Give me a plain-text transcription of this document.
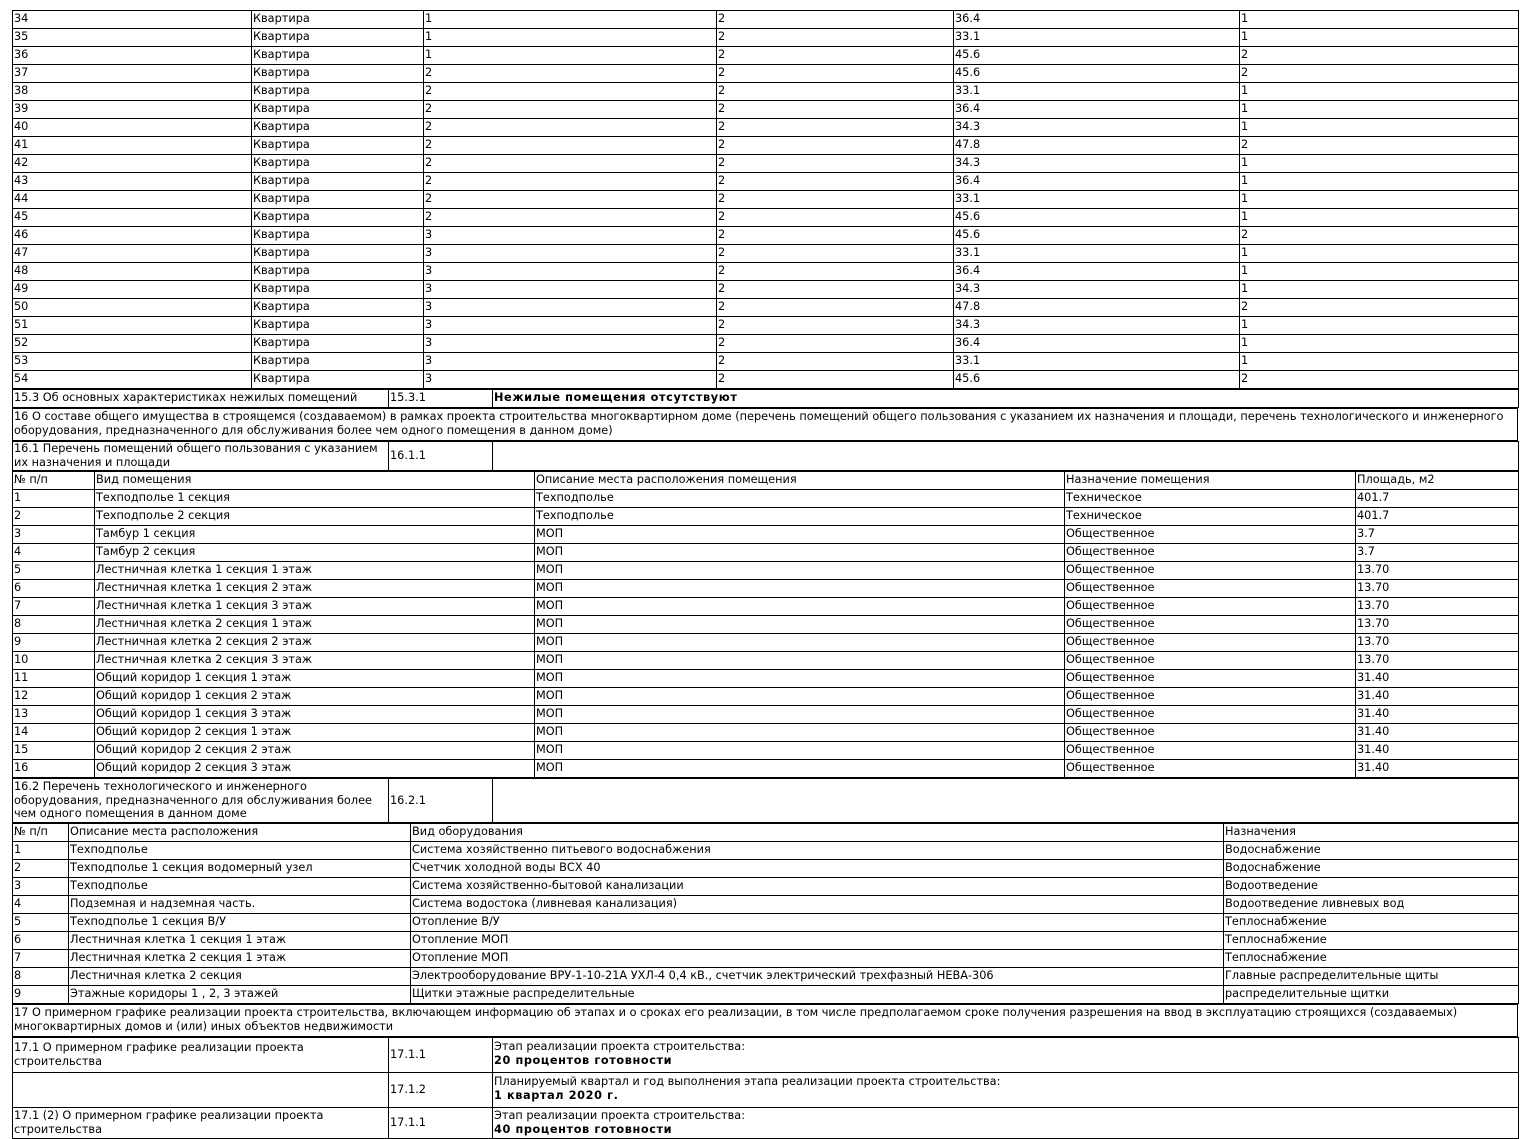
34	Квартира	1	2	36.4	1
35	Квартира	1	2	33.1	1
36	Квартира	1	2	45.6	2
37	Квартира	2	2	45.6	2
38	Квартира	2	2	33.1	1
39	Квартира	2	2	36.4	1
40	Квартира	2	2	34.3	1
41	Квартира	2	2	47.8	2
42	Квартира	2	2	34.3	1
43	Квартира	2	2	36.4	1
44	Квартира	2	2	33.1	1
45	Квартира	2	2	45.6	1
46	Квартира	3	2	45.6	2
47	Квартира	3	2	33.1	1
48	Квартира	3	2	36.4	1
49	Квартира	3	2	34.3	1
50	Квартира	3	2	47.8	2
51	Квартира	3	2	34.3	1
52	Квартира	3	2	36.4	1
53	Квартира	3	2	33.1	1
54	Квартира	3	2	45.6	2
15.3 Об основных характеристиках нежилых помещений	15.3.1	Нежилые помещения отсутствуют
16 О составе общего имущества в строящемся (создаваемом) в рамках проекта строительства многоквартирном доме (перечень помещений общего пользования с указанием их назначения и площади, перечень технологического и инженерного оборудования, предназначенного для обслуживания более чем одного помещения в данном доме)
16.1 Перечень помещений общего пользования с указанием их назначения и площади	16.1.1	
№ п/п	Вид помещения	Описание места расположения помещения	Назначение помещения	Площадь, м2
1	Техподполье 1 секция	Техподполье	Техническое	401.7
2	Техподполье 2 секция	Техподполье	Техническое	401.7
3	Тамбур 1 секция	МОП	Общественное	3.7
4	Тамбур 2 секция	МОП	Общественное	3.7
5	Лестничная клетка 1 секция 1 этаж	МОП	Общественное	13.70
6	Лестничная клетка 1 секция 2 этаж	МОП	Общественное	13.70
7	Лестничная клетка 1 секция 3 этаж	МОП	Общественное	13.70
8	Лестничная клетка 2 секция 1 этаж	МОП	Общественное	13.70
9	Лестничная клетка 2 секция 2 этаж	МОП	Общественное	13.70
10	Лестничная клетка 2 секция 3 этаж	МОП	Общественное	13.70
11	Общий коридор 1 секция 1 этаж	МОП	Общественное	31.40
12	Общий коридор 1 секция 2 этаж	МОП	Общественное	31.40
13	Общий коридор 1 секция 3 этаж	МОП	Общественное	31.40
14	Общий коридор 2 секция 1 этаж	МОП	Общественное	31.40
15	Общий коридор 2 секция 2 этаж	МОП	Общественное	31.40
16	Общий коридор 2 секция 3 этаж	МОП	Общественное	31.40
16.2 Перечень технологического и инженерного оборудования, предназначенного для обслуживания более чем одного помещения в данном доме	16.2.1	
№ п/п	Описание места расположения	Вид оборудования	Назначения
1	Техподполье	Система хозяйственно питьевого водоснабжения	Водоснабжение
2	Техподполье 1 секция водомерный узел	Счетчик холодной воды ВСХ 40	Водоснабжение
3	Техподполье	Система хозяйственно-бытовой канализации	Водоотведение
4	Подземная и надземная часть.	Система водостока (ливневая канализация)	Водоотведение ливневых вод
5	Техподполье 1 секция В/У	Отопление В/У	Теплоснабжение
6	Лестничная клетка 1 секция 1 этаж	Отопление МОП	Теплоснабжение
7	Лестничная клетка 2 секция 1 этаж	Отопление МОП	Теплоснабжение
8	Лестничная клетка 2 секция	Электрооборудование ВРУ-1-10-21А УХЛ-4 0,4 кВ., счетчик электрический трехфазный НЕВА-306	Главные распределительные щиты
9	Этажные коридоры 1 , 2, 3 этажей	Щитки этажные распределительные	распределительные щитки
17 О примерном графике реализации проекта строительства, включающем информацию об этапах и о сроках его реализации, в том числе предполагаемом сроке получения разрешения на ввод в эксплуатацию строящихся (создаваемых) многоквартирных домов и (или) иных объектов недвижимости
17.1 О примерном графике реализации проекта строительства	17.1.1	Этап реализации проекта строительства:
20 процентов готовности

	17.1.2	Планируемый квартал и год выполнения этапа реализации проекта строительства:
1 квартал 2020 г.

17.1 (2) О примерном графике реализации проекта строительства	17.1.1	Этап реализации проекта строительства:
40 процентов готовности
